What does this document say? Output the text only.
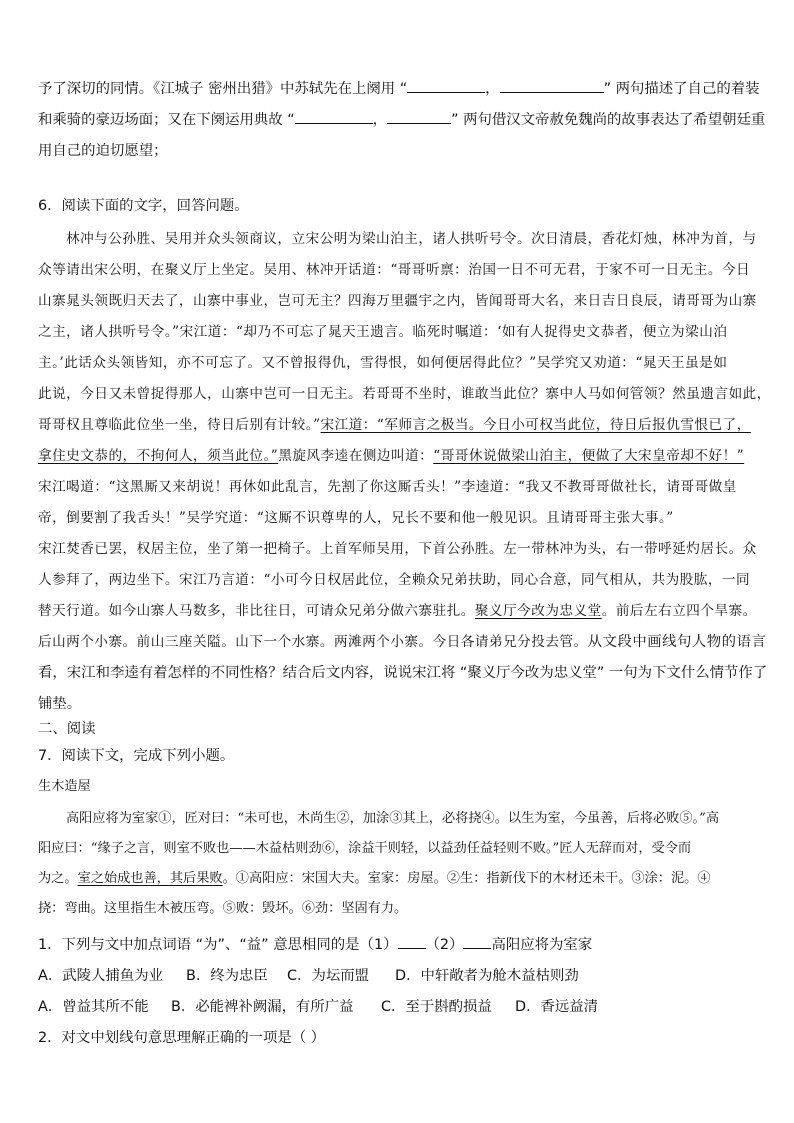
予了深切的同情。《江城子 密州出猎》中苏轼先在上阕用 “	，	” 两句描述了自己的着装
和乘骑的豪迈场面；又在下阕运用典故 “	，	” 两句借汉文帝赦免魏尚的故事表达了希望朝廷重
用自己的迫切愿望；
6．阅读下面的文字，回答问题。
林冲与公孙胜、吴用并众头领商议，立宋公明为梁山泊主，诸人拱听号令。次日清晨，香花灯烛，林冲为首，与
众等请出宋公明，在聚义厅上坐定。吴用、林冲开话道：“哥哥听禀：治国一日不可无君，于家不可一日无主。今日
山寨晁头领既归天去了，山寨中事业，岂可无主？四海万里疆宇之内，皆闻哥哥大名，来日吉日良辰，请哥哥为山寨
之主，诸人拱听号令。”宋江道：“却乃不可忘了晁天王遗言。临死时嘱道：‘如有人捉得史文恭者，便立为梁山泊
主。’此话众头领皆知，亦不可忘了。又不曾报得仇，雪得恨，如何便居得此位？”吴学究又劝道：“晁天王虽是如
此说，今日又未曾捉得那人，山寨中岂可一日无主。若哥哥不坐时，谁敢当此位？寨中人马如何管领？然虽遗言如此，
哥哥权且尊临此位坐一坐，待日后别有计较。”宋江道：“军师言之极当。今日小可权当此位，待日后报仇雪恨已了，
拿住史文恭的，不拘何人，须当此位。”黑旋风李逵在侧边叫道：“哥哥休说做梁山泊主，便做了大宋皇帝却不好！”
宋江喝道：“这黑厮又来胡说！再休如此乱言，先割了你这厮舌头！”李逵道：“我又不教哥哥做社长，请哥哥做皇
帝，倒要割了我舌头！”吴学究道：“这厮不识尊卑的人，兄长不要和他一般见识。且请哥哥主张大事。”
宋江焚香已罢，权居主位，坐了第一把椅子。上首军师吴用，下首公孙胜。左一带林冲为头，右一带呼延灼居长。众
人参拜了，两边坐下。宋江乃言道：“小可今日权居此位，全赖众兄弟扶助，同心合意，同气相从，共为股肱，一同
替天行道。如今山寨人马数多，非比往日，可请众兄弟分做六寨驻扎。聚义厅今改为忠义堂。前后左右立四个旱寨。
后山两个小寨。前山三座关隘。山下一个水寨。两滩两个小寨。今日各请弟兄分投去管。从文段中画线句人物的语言
看，宋江和李逵有着怎样的不同性格？结合后文内容，说说宋江将 “聚义厅今改为忠义堂” 一句为下文什么情节作了
铺垫。
二、阅读
7．阅读下文，完成下列小题。
生木造屋
高阳应将为室家①，匠对曰：“未可也，木尚生②，加涂③其上，必将挠④。以生为室，今虽善，后将必败⑤。”高
阳应曰：“缘子之言，则室不败也——木益枯则劲⑥，涂益干则轻，以益劲任益轻则不败。”匠人无辞而对，受令而
为之。室之始成也善，其后果败。①高阳应：宋国大夫。室家：房屋。②生：指新伐下的木材还未干。③涂：泥。④
挠：弯曲。这里指生木被压弯。⑤败：毁坏。⑥劲：坚固有力。
1．下列与文中加点词语 “为”、“益” 意思相同的是（1） （2） 高阳应将为室家
A．武陵人捕鱼为业 B．终为忠臣 C．为坛而盟 D．中轩敞者为舱木益枯则劲
A．曾益其所不能 B．必能裨补阙漏，有所广益 C．至于斟酌损益 D．香远益清
2．对文中划线句意思理解正确的一项是（ ）
